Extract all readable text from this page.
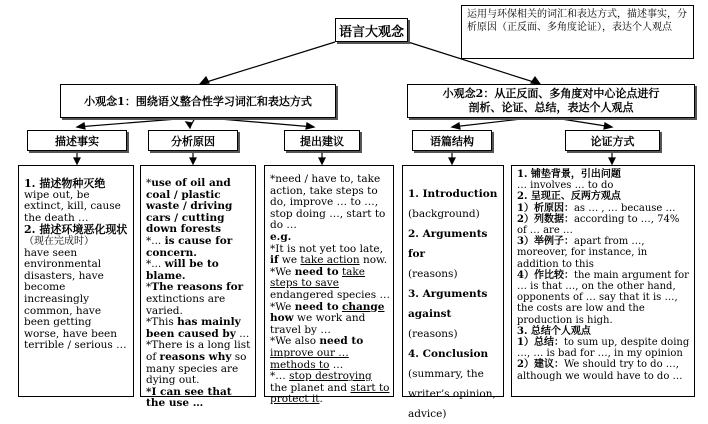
语言大观念

运用与环保相关的词汇和表达方式，描述事实，分析原因（正反面、多角度论证），表达个人观点

小观念1：围绕语义整合性学习词汇和表达方式

小观念2：从正反面、多角度对中心论点进行

剖析、论证、总结，表达个人观点

描述事实	分析原因	提出建议	语篇结构	论证方式

1. 描述物种灭绝

wipe out, be extinct, kill, cause the death …

2. 描述环境恶化现状

（现在完成时）

have seen environmental disasters, have become increasingly common, have been getting worse, have been terrible / serious …

*use of oil and coal / plastic waste / driving cars / cutting down forests

*... is cause for concern.

*... will be to blame.

*The reasons for extinctions are varied.

*This has mainly been caused by ...

*There is a long list of reasons why so many species are dying out.

*I can see that the use …

*need / have to, take action, take steps to do, improve … to …, stop doing …, start to do …

e.g.

*It is not yet too late, if we take action now.

*We need to take steps to save endangered species …

*We need to change how we work and travel by …

*We also need to improve our … methods to …

*… stop destroying the planet and start to protect it.

1. Introduction

(background)

2. Arguments for

(reasons)

3. Arguments

against (reasons)

4. Conclusion

(summary, the writer’s opinion, advice)

1. 铺垫背景，引出问题

… involves … to do

2. 呈现正、反两方观点

1）析原因：as … , … because …

2）列数据：according to …, 74% of … are …

3）举例子：apart from …, moreover, for instance, in addition to this

4）作比较：the main argument for … is that …, on the other hand, opponents of … say that it is …, the costs are low and the production is high.

3. 总结个人观点

1）总结：to sum up, despite doing …, … is bad for …, in my opinion

2）建议：We should try to do …, although we would have to do …
